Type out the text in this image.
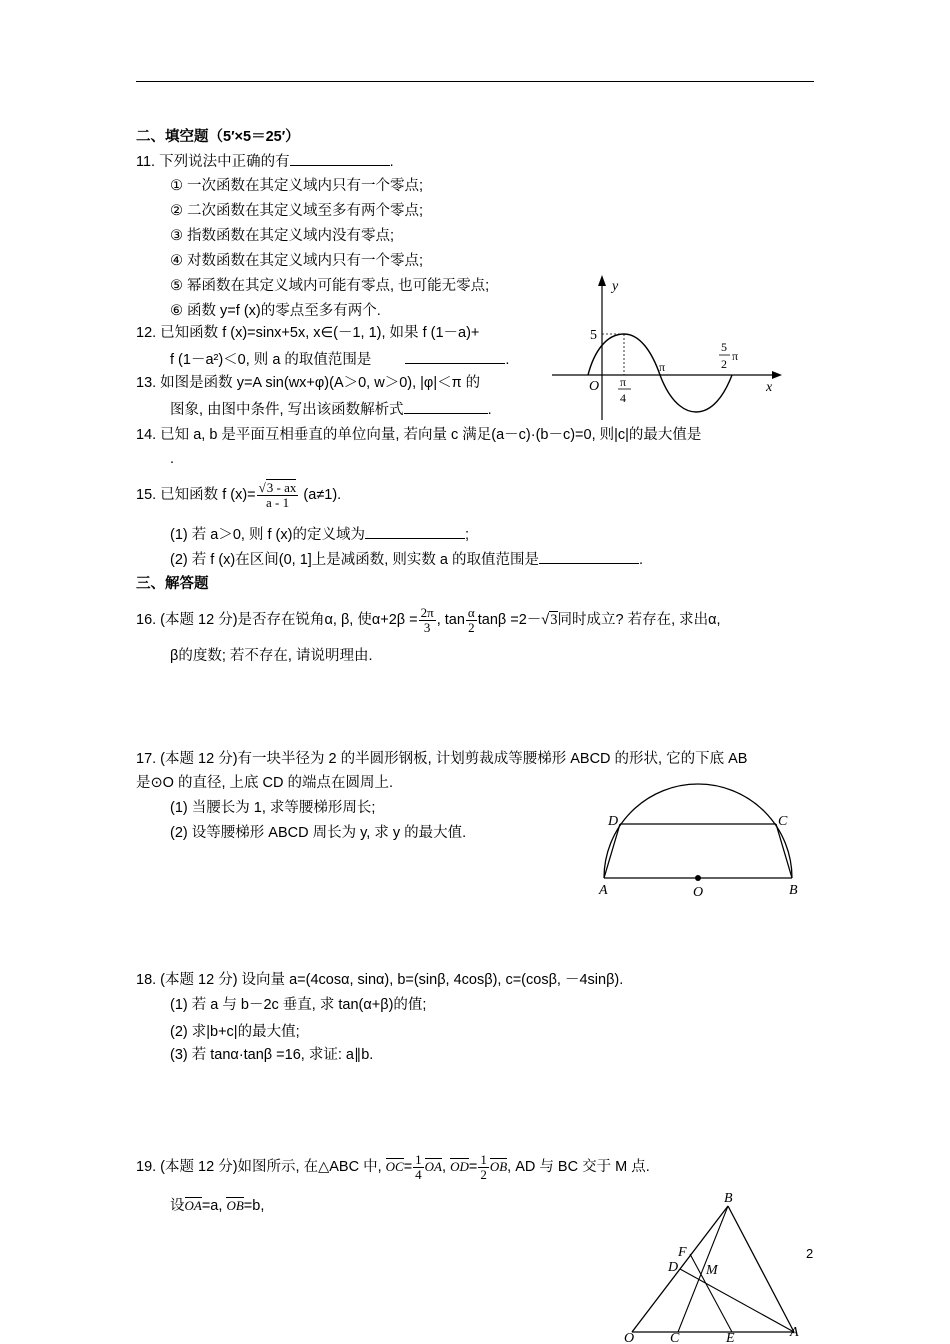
二、填空题（5′×5＝25′）
11. 下列说法中正确的有	.
① 一次函数在其定义域内只有一个零点;
② 二次函数在其定义域至多有两个零点;
③ 指数函数在其定义域内没有零点;
④ 对数函数在其定义域内只有一个零点;
⑤ 幂函数在其定义域内可能有零点, 也可能无零点;
⑥ 函数 y=f (x)的零点至多有两个.
12. 已知函数 f (x)=sinx+5x, x∈(－1, 1), 如果 f (1－a)+
f (1－a²)＜0, 则 a 的取值范围是	.
13. 如图是函数 y=A sin(wx+φ)(A＞0, w＞0), |φ|＜π 的
图象, 由图中条件, 写出该函数解析式	.
y
x
O
5
π
π
4
5
2
π
14. 已知 a, b 是平面互相垂直的单位向量, 若向量 c 满足(a－c)·(b－c)=0, 则|c|的最大值是
.
15. 已知函数 f $(x)= \frac{√3 - ax}{a - 1} (a\ne 1)$.
(1) 若 a＞0, 则 f (x)的定义域为	;
(2) 若 f (x)在区间(0, 1]上是减函数, 则实数 a 的取值范围是	.
三、解答题
16. (本题 12 分)是否存在锐角α, β, 使$\alpha+2\beta = \frac{2\pi}{3}$ , $\tan \frac{\alpha}{2}$ tanβ =2－√3同时成立? 若存在, 求出α,
β的度数; 若不存在, 请说明理由.
17. (本题 12 分)有一块半径为 2 的半圆形钢板, 计划剪裁成等腰梯形 ABCD 的形状, 它的下底 AB
是⊙O 的直径, 上底 CD 的端点在圆周上.
(1) 当腰长为 1, 求等腰梯形周长;
(2) 设等腰梯形 ABCD 周长为 y, 求 y 的最大值.
D	C
A	O	B
18. (本题 12 分) 设向量 a=(4cosα, sinα), b=(sinβ, 4cosβ), c=(cosβ, －4sinβ).
(1) 若 a 与 b－2c 垂直, 求 tan(α+β)的值;
(2) 求|b+c|的最大值;
(3) 若 tanα·tanβ =16, 求证: a∥b.
19. (本题 12 分)如图所示, 在△ABC 中, $OC= \frac{1}{4}$ OA, $OD= \frac{1}{2}$ OB, AD 与 BC 交于 M 点.
设OA=a, OB=b,	B
F
D M
O	C	E	A
2
